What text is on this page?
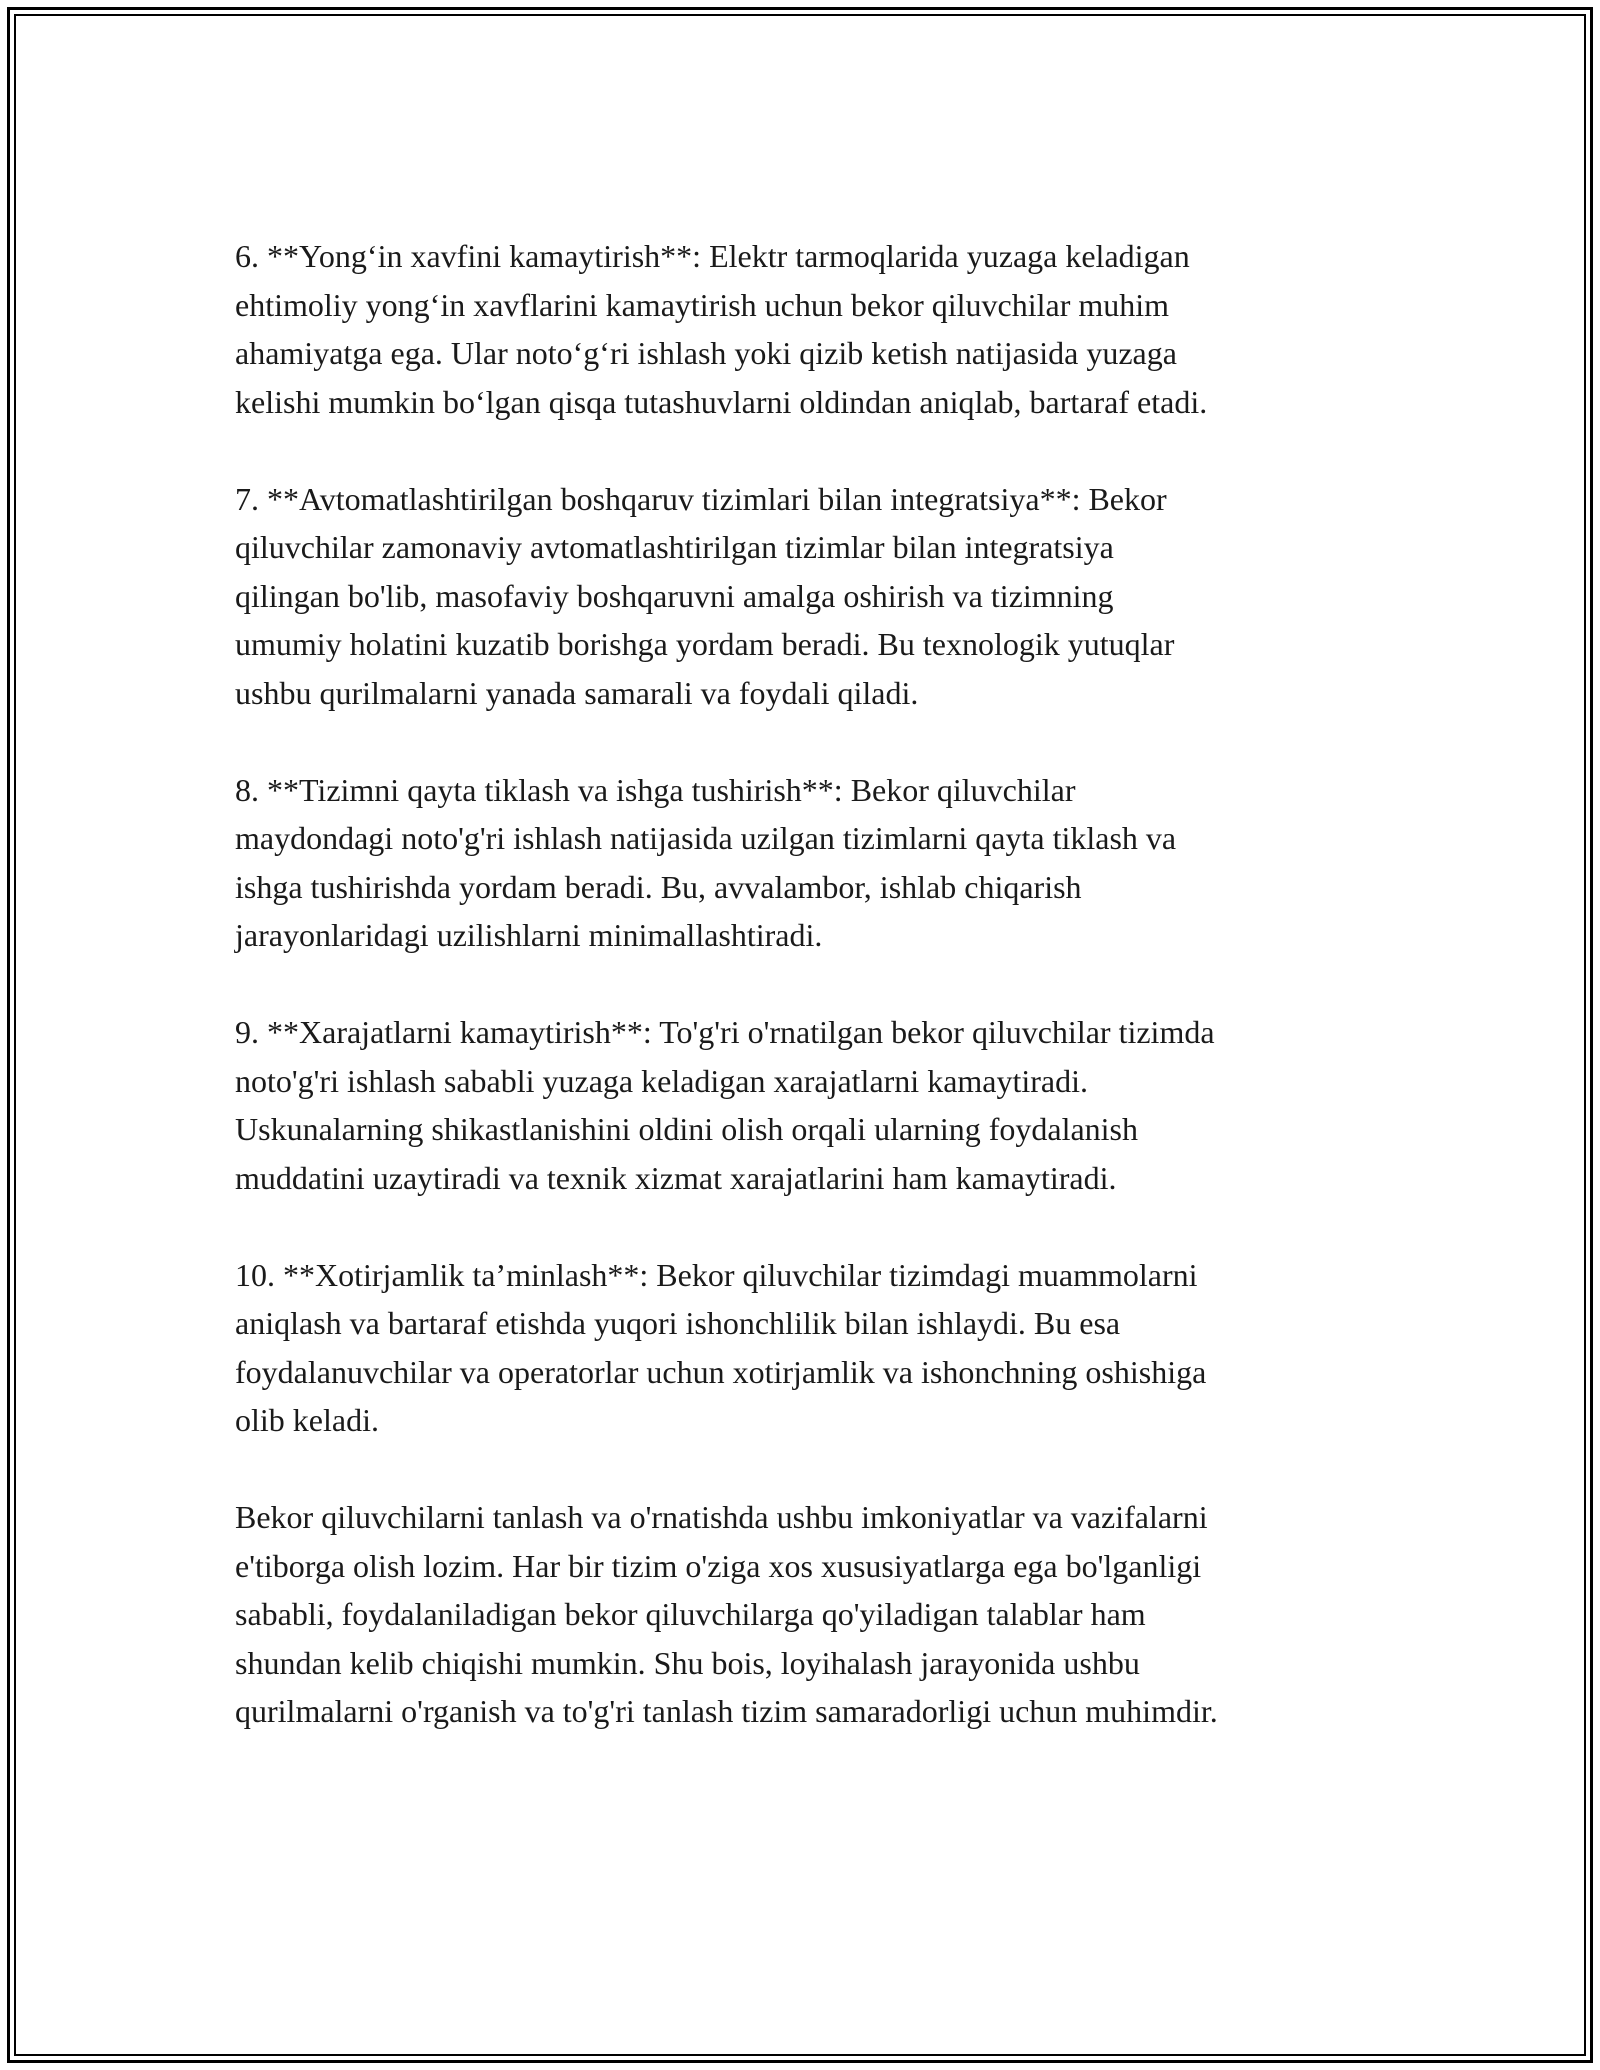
6. **Yong‘in xavfini kamaytirish**: Elektr tarmoqlarida yuzaga keladigan
ehtimoliy yong‘in xavflarini kamaytirish uchun bekor qiluvchilar muhim
ahamiyatga ega. Ular noto‘g‘ri ishlash yoki qizib ketish natijasida yuzaga
kelishi mumkin bo‘lgan qisqa tutashuvlarni oldindan aniqlab, bartaraf etadi.

7. **Avtomatlashtirilgan boshqaruv tizimlari bilan integratsiya**: Bekor
qiluvchilar zamonaviy avtomatlashtirilgan tizimlar bilan integratsiya
qilingan bo'lib, masofaviy boshqaruvni amalga oshirish va tizimning
umumiy holatini kuzatib borishga yordam beradi. Bu texnologik yutuqlar
ushbu qurilmalarni yanada samarali va foydali qiladi.

8. **Tizimni qayta tiklash va ishga tushirish**: Bekor qiluvchilar
maydondagi noto'g'ri ishlash natijasida uzilgan tizimlarni qayta tiklash va
ishga tushirishda yordam beradi. Bu, avvalambor, ishlab chiqarish
jarayonlaridagi uzilishlarni minimallashtiradi.

9. **Xarajatlarni kamaytirish**: To'g'ri o'rnatilgan bekor qiluvchilar tizimda
noto'g'ri ishlash sababli yuzaga keladigan xarajatlarni kamaytiradi.
Uskunalarning shikastlanishini oldini olish orqali ularning foydalanish
muddatini uzaytiradi va texnik xizmat xarajatlarini ham kamaytiradi.

10. **Xotirjamlik ta’minlash**: Bekor qiluvchilar tizimdagi muammolarni
aniqlash va bartaraf etishda yuqori ishonchlilik bilan ishlaydi. Bu esa
foydalanuvchilar va operatorlar uchun xotirjamlik va ishonchning oshishiga
olib keladi.

Bekor qiluvchilarni tanlash va o'rnatishda ushbu imkoniyatlar va vazifalarni
e'tiborga olish lozim. Har bir tizim o'ziga xos xususiyatlarga ega bo'lganligi
sababli, foydalaniladigan bekor qiluvchilarga qo'yiladigan talablar ham
shundan kelib chiqishi mumkin. Shu bois, loyihalash jarayonida ushbu
qurilmalarni o'rganish va to'g'ri tanlash tizim samaradorligi uchun muhimdir.
